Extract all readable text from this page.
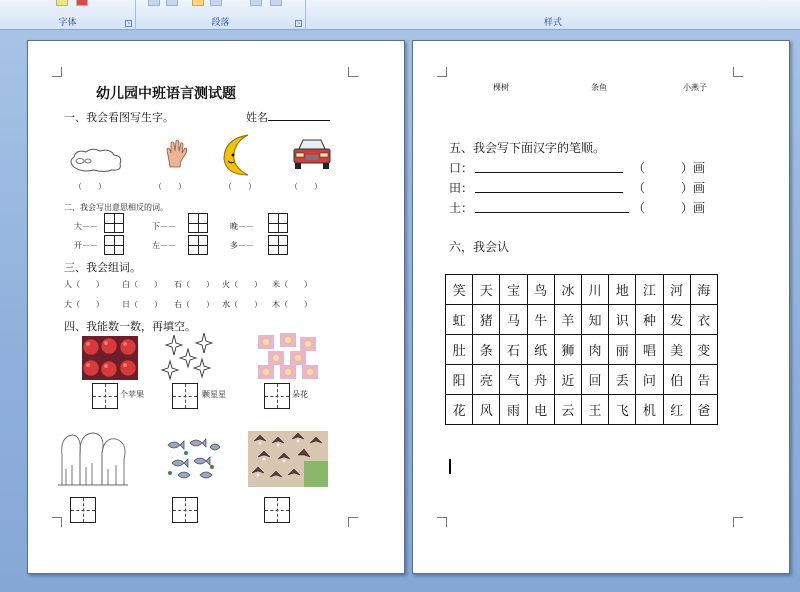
字体	↘	段落	↘	样式
幼儿园中班语言测试题
一、我会看图写生字。	姓名
（　　）	（　　）	（　　）	（　　）
二、我会写出意思相反的词。
大－－	下－－	晚－－
开－－	左－－	多－－
三、我会组词。
人（　　） 白（　　） 石（　　） 火（　　） 米（　　）
大（　　） 日（　　） 右（　　） 水（　　） 木（　　）
四、我能数一数，再填空。
个苹果	颗星星	朵花
棵树	条鱼	小燕子
五、我会写下面汉字的笔顺。
口：	（　　　）画
田：	（　　　）画
土：	（　　　）画
六，我会认
笑	天	宝	鸟	冰	川	地	江	河	海
虹	猪	马	牛	羊	知	识	种	发	衣
肚	条	石	纸	狮	肉	丽	唱	美	变
阳	亮	气	舟	近	回	丢	问	伯	告
花	风	雨	电	云	王	飞	机	红	爸
